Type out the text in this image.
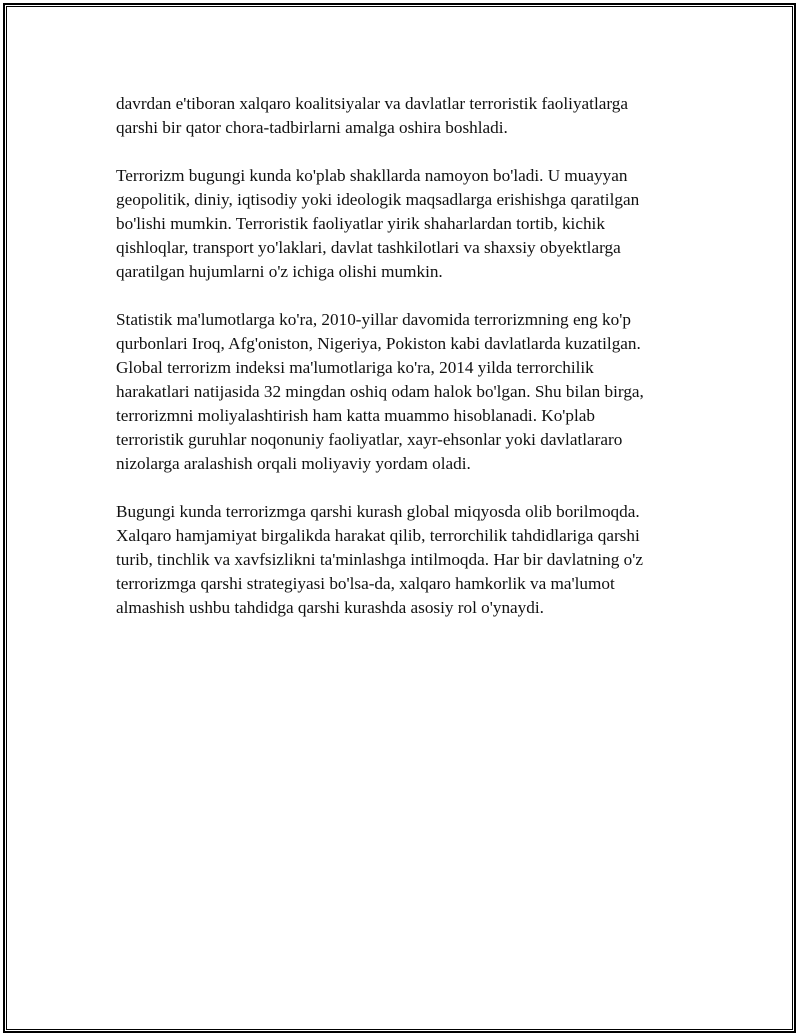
davrdan e'tiboran xalqaro koalitsiyalar va davlatlar terroristik faoliyatlarga
qarshi bir qator chora-tadbirlarni amalga oshira boshladi.

Terrorizm bugungi kunda ko'plab shakllarda namoyon bo'ladi. U muayyan
geopolitik, diniy, iqtisodiy yoki ideologik maqsadlarga erishishga qaratilgan
bo'lishi mumkin. Terroristik faoliyatlar yirik shaharlardan tortib, kichik
qishloqlar, transport yo'laklari, davlat tashkilotlari va shaxsiy obyektlarga
qaratilgan hujumlarni o'z ichiga olishi mumkin.

Statistik ma'lumotlarga ko'ra, 2010-yillar davomida terrorizmning eng ko'p
qurbonlari Iroq, Afg'oniston, Nigeriya, Pokiston kabi davlatlarda kuzatilgan.
Global terrorizm indeksi ma'lumotlariga ko'ra, 2014 yilda terrorchilik
harakatlari natijasida 32 mingdan oshiq odam halok bo'lgan. Shu bilan birga,
terrorizmni moliyalashtirish ham katta muammo hisoblanadi. Ko'plab
terroristik guruhlar noqonuniy faoliyatlar, xayr-ehsonlar yoki davlatlararo
nizolarga aralashish orqali moliyaviy yordam oladi.

Bugungi kunda terrorizmga qarshi kurash global miqyosda olib borilmoqda.
Xalqaro hamjamiyat birgalikda harakat qilib, terrorchilik tahdidlariga qarshi
turib, tinchlik va xavfsizlikni ta'minlashga intilmoqda. Har bir davlatning o'z
terrorizmga qarshi strategiyasi bo'lsa-da, xalqaro hamkorlik va ma'lumot
almashish ushbu tahdidga qarshi kurashda asosiy rol o'ynaydi.
